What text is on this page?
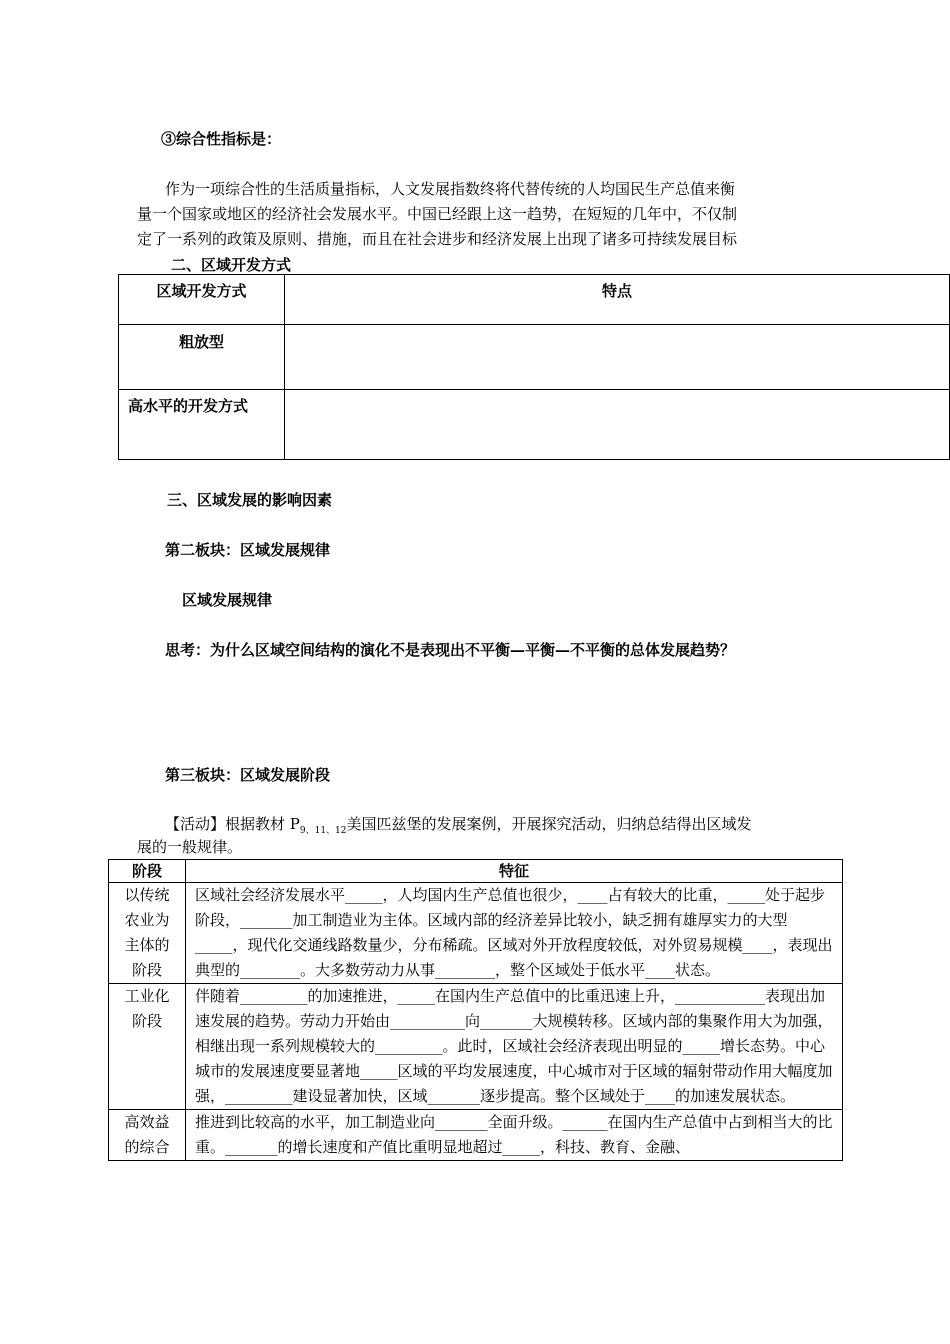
③综合性指标是：
作为一项综合性的生活质量指标，人文发展指数终将代替传统的人均国民生产总值来衡
量一个国家或地区的经济社会发展水平。中国已经跟上这一趋势，在短短的几年中，不仅制
定了一系列的政策及原则、措施，而且在社会进步和经济发展上出现了诸多可持续发展目标
二、区域开发方式
区域开发方式	特点

粗放型	

高水平的开发方式	

三、区域发展的影响因素
第二板块：区域发展规律
区域发展规律
思考：为什么区域空间结构的演化不是表现出不平衡—平衡—不平衡的总体发展趋势？
第三板块：区域发展阶段
【活动】根据教材 $P_{9、11、12}$美国匹兹堡的发展案例，开展探究活动，归纳总结得出区域发
展的一般规律。
阶段	特征

以传统农业为主体的阶段	区域社会经济发展水平_____，人均国内生产总值也很少，____占有较大的比重，_____处于起步阶段，_______加工制造业为主体。区域内部的经济差异比较小，缺乏拥有雄厚实力的大型_____，现代化交通线路数量少，分布稀疏。区域对外开放程度较低，对外贸易规模____，表现出典型的________。大多数劳动力从事________，整个区域处于低水平____状态。

工业化阶段	伴随着_________的加速推进，_____在国内生产总值中的比重迅速上升，____________表现出加速发展的趋势。劳动力开始由__________向_______大规模转移。区域内部的集聚作用大为加强，相继出现一系列规模较大的_________。此时，区域社会经济表现出明显的_____增长态势。中心城市的发展速度要显著地_____区域的平均发展速度，中心城市对于区域的辐射带动作用大幅度加强，_________建设显著加快，区域_______逐步提高。整个区域处于____的加速发展状态。

高效益的综合	推进到比较高的水平，加工制造业向_______全面升级。______在国内生产总值中占到相当大的比重。_______的增长速度和产值比重明显地超过_____，科技、教育、金融、
